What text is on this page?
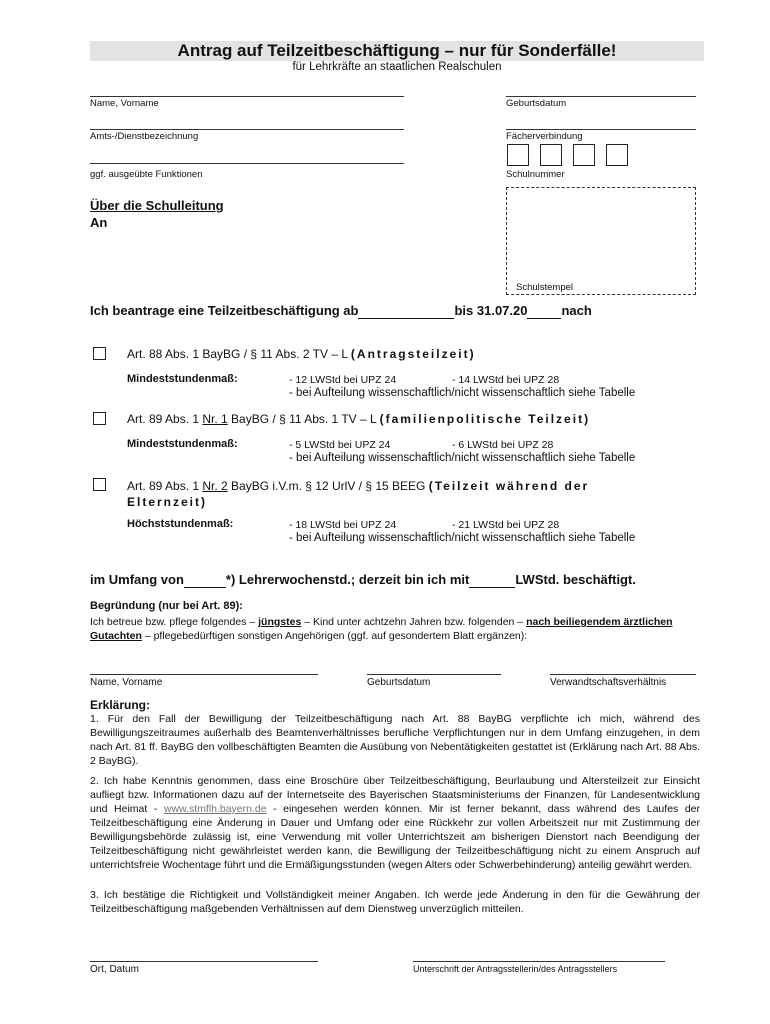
Antrag auf Teilzeitbeschäftigung – nur für Sonderfälle!
für Lehrkräfte an staatlichen Realschulen
Name, Vorname	Geburtsdatum
Amts-/Dienstbezeichnung	Fächerverbindung
ggf. ausgeübte Funktionen	Schulnummer
Über die Schulleitung
An
Schulstempel
Ich beantrage eine Teilzeitbeschäftigung ab	bis 31.07.20	nach
Art. 88 Abs. 1 BayBG / § 11 Abs. 2 TV – L (Antragsteilzeit)
Mindeststundenmaß:	- 12 LWStd bei UPZ 24	- 14 LWStd bei UPZ 28
- bei Aufteilung wissenschaftlich/nicht wissenschaftlich siehe Tabelle
Art. 89 Abs. 1 Nr. 1 BayBG / § 11 Abs. 1 TV – L (familienpolitische Teilzeit)
Mindeststundenmaß:	- 5 LWStd bei UPZ 24	- 6 LWStd bei UPZ 28
- bei Aufteilung wissenschaftlich/nicht wissenschaftlich siehe Tabelle
Art. 89 Abs. 1 Nr. 2 BayBG i.V.m. § 12 UrlV / § 15 BEEG (Teilzeit während der
Elternzeit)
Höchststundenmaß:	- 18 LWStd bei UPZ 24	- 21 LWStd bei UPZ 28
- bei Aufteilung wissenschaftlich/nicht wissenschaftlich siehe Tabelle
im Umfang von	*) Lehrerwochenstd.; derzeit bin ich mit	LWStd. beschäftigt.
Begründung (nur bei Art. 89):
Ich betreue bzw. pflege folgendes – jüngstes – Kind unter achtzehn Jahren bzw. folgenden – nach beiliegendem ärztlichen Gutachten – pflegebedürftigen sonstigen Angehörigen (ggf. auf gesondertem Blatt ergänzen):
Name, Vorname	Geburtsdatum	Verwandtschaftsverhältnis
Erklärung:
1. Für den Fall der Bewilligung der Teilzeitbeschäftigung nach Art. 88 BayBG verpflichte ich mich, während des Bewilligungszeitraumes außerhalb des Beamtenverhältnisses berufliche Verpflichtungen nur in dem Umfang einzugehen, in dem nach Art. 81 ff. BayBG den vollbeschäftigten Beamten die Ausübung von Nebentätigkeiten gestattet ist (Erklärung nach Art. 88 Abs. 2 BayBG).
2. Ich habe Kenntnis genommen, dass eine Broschüre über Teilzeitbeschäftigung, Beurlaubung und Altersteilzeit zur Einsicht aufliegt bzw. Informationen dazu auf der Internetseite des Bayerischen Staatsministeriums der Finanzen, für Landesentwicklung und Heimat - www.stmflh.bayern.de - eingesehen werden können. Mir ist ferner bekannt, dass während des Laufes der Teilzeitbeschäftigung eine Änderung in Dauer und Umfang oder eine Rückkehr zur vollen Arbeitszeit nur mit Zustimmung der Bewilligungsbehörde zulässig ist, eine Verwendung mit voller Unterrichtszeit am bisherigen Dienstort nach Beendigung der Teilzeitbeschäftigung nicht gewährleistet werden kann, die Bewilligung der Teilzeitbeschäftigung nicht zu einem Anspruch auf unterrichtsfreie Wochentage führt und die Ermäßigungsstunden (wegen Alters oder Schwerbehinderung) anteilig gewährt werden.
3. Ich bestätige die Richtigkeit und Vollständigkeit meiner Angaben. Ich werde jede Änderung in den für die Gewährung der Teilzeitbeschäftigung maßgebenden Verhältnissen auf dem Dienstweg unverzüglich mitteilen.
Ort, Datum	Unterschrift der Antragsstellerin/des Antragsstellers
